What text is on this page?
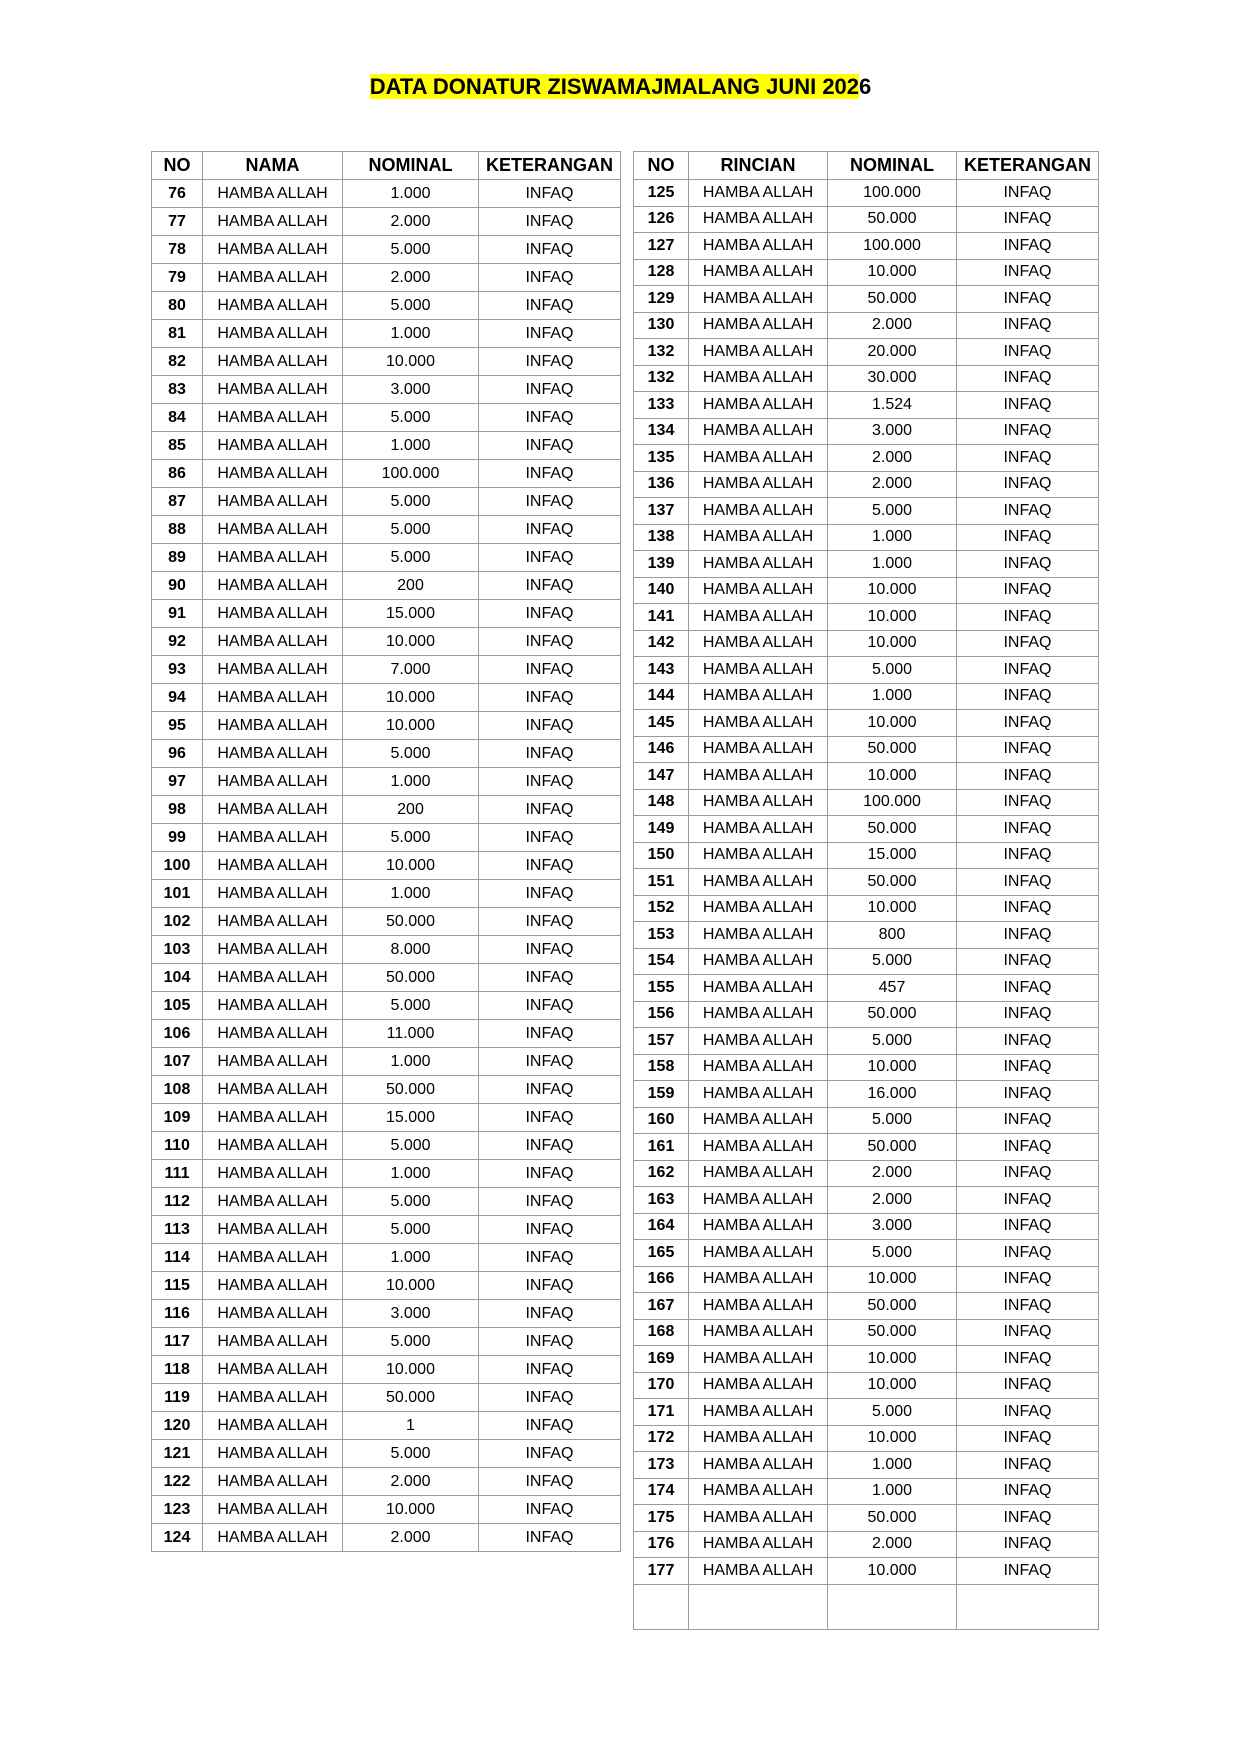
DATA DONATUR ZISWAMAJMALANG JUNI 2026
NO	NAMA	NOMINAL	KETERANGAN
76	HAMBA ALLAH	1.000	INFAQ
77	HAMBA ALLAH	2.000	INFAQ
78	HAMBA ALLAH	5.000	INFAQ
79	HAMBA ALLAH	2.000	INFAQ
80	HAMBA ALLAH	5.000	INFAQ
81	HAMBA ALLAH	1.000	INFAQ
82	HAMBA ALLAH	10.000	INFAQ
83	HAMBA ALLAH	3.000	INFAQ
84	HAMBA ALLAH	5.000	INFAQ
85	HAMBA ALLAH	1.000	INFAQ
86	HAMBA ALLAH	100.000	INFAQ
87	HAMBA ALLAH	5.000	INFAQ
88	HAMBA ALLAH	5.000	INFAQ
89	HAMBA ALLAH	5.000	INFAQ
90	HAMBA ALLAH	200	INFAQ
91	HAMBA ALLAH	15.000	INFAQ
92	HAMBA ALLAH	10.000	INFAQ
93	HAMBA ALLAH	7.000	INFAQ
94	HAMBA ALLAH	10.000	INFAQ
95	HAMBA ALLAH	10.000	INFAQ
96	HAMBA ALLAH	5.000	INFAQ
97	HAMBA ALLAH	1.000	INFAQ
98	HAMBA ALLAH	200	INFAQ
99	HAMBA ALLAH	5.000	INFAQ
100	HAMBA ALLAH	10.000	INFAQ
101	HAMBA ALLAH	1.000	INFAQ
102	HAMBA ALLAH	50.000	INFAQ
103	HAMBA ALLAH	8.000	INFAQ
104	HAMBA ALLAH	50.000	INFAQ
105	HAMBA ALLAH	5.000	INFAQ
106	HAMBA ALLAH	11.000	INFAQ
107	HAMBA ALLAH	1.000	INFAQ
108	HAMBA ALLAH	50.000	INFAQ
109	HAMBA ALLAH	15.000	INFAQ
110	HAMBA ALLAH	5.000	INFAQ
111	HAMBA ALLAH	1.000	INFAQ
112	HAMBA ALLAH	5.000	INFAQ
113	HAMBA ALLAH	5.000	INFAQ
114	HAMBA ALLAH	1.000	INFAQ
115	HAMBA ALLAH	10.000	INFAQ
116	HAMBA ALLAH	3.000	INFAQ
117	HAMBA ALLAH	5.000	INFAQ
118	HAMBA ALLAH	10.000	INFAQ
119	HAMBA ALLAH	50.000	INFAQ
120	HAMBA ALLAH	1	INFAQ
121	HAMBA ALLAH	5.000	INFAQ
122	HAMBA ALLAH	2.000	INFAQ
123	HAMBA ALLAH	10.000	INFAQ
124	HAMBA ALLAH	2.000	INFAQ
NO	RINCIAN	NOMINAL	KETERANGAN
125	HAMBA ALLAH	100.000	INFAQ
126	HAMBA ALLAH	50.000	INFAQ
127	HAMBA ALLAH	100.000	INFAQ
128	HAMBA ALLAH	10.000	INFAQ
129	HAMBA ALLAH	50.000	INFAQ
130	HAMBA ALLAH	2.000	INFAQ
132	HAMBA ALLAH	20.000	INFAQ
132	HAMBA ALLAH	30.000	INFAQ
133	HAMBA ALLAH	1.524	INFAQ
134	HAMBA ALLAH	3.000	INFAQ
135	HAMBA ALLAH	2.000	INFAQ
136	HAMBA ALLAH	2.000	INFAQ
137	HAMBA ALLAH	5.000	INFAQ
138	HAMBA ALLAH	1.000	INFAQ
139	HAMBA ALLAH	1.000	INFAQ
140	HAMBA ALLAH	10.000	INFAQ
141	HAMBA ALLAH	10.000	INFAQ
142	HAMBA ALLAH	10.000	INFAQ
143	HAMBA ALLAH	5.000	INFAQ
144	HAMBA ALLAH	1.000	INFAQ
145	HAMBA ALLAH	10.000	INFAQ
146	HAMBA ALLAH	50.000	INFAQ
147	HAMBA ALLAH	10.000	INFAQ
148	HAMBA ALLAH	100.000	INFAQ
149	HAMBA ALLAH	50.000	INFAQ
150	HAMBA ALLAH	15.000	INFAQ
151	HAMBA ALLAH	50.000	INFAQ
152	HAMBA ALLAH	10.000	INFAQ
153	HAMBA ALLAH	800	INFAQ
154	HAMBA ALLAH	5.000	INFAQ
155	HAMBA ALLAH	457	INFAQ
156	HAMBA ALLAH	50.000	INFAQ
157	HAMBA ALLAH	5.000	INFAQ
158	HAMBA ALLAH	10.000	INFAQ
159	HAMBA ALLAH	16.000	INFAQ
160	HAMBA ALLAH	5.000	INFAQ
161	HAMBA ALLAH	50.000	INFAQ
162	HAMBA ALLAH	2.000	INFAQ
163	HAMBA ALLAH	2.000	INFAQ
164	HAMBA ALLAH	3.000	INFAQ
165	HAMBA ALLAH	5.000	INFAQ
166	HAMBA ALLAH	10.000	INFAQ
167	HAMBA ALLAH	50.000	INFAQ
168	HAMBA ALLAH	50.000	INFAQ
169	HAMBA ALLAH	10.000	INFAQ
170	HAMBA ALLAH	10.000	INFAQ
171	HAMBA ALLAH	5.000	INFAQ
172	HAMBA ALLAH	10.000	INFAQ
173	HAMBA ALLAH	1.000	INFAQ
174	HAMBA ALLAH	1.000	INFAQ
175	HAMBA ALLAH	50.000	INFAQ
176	HAMBA ALLAH	2.000	INFAQ
177	HAMBA ALLAH	10.000	INFAQ
